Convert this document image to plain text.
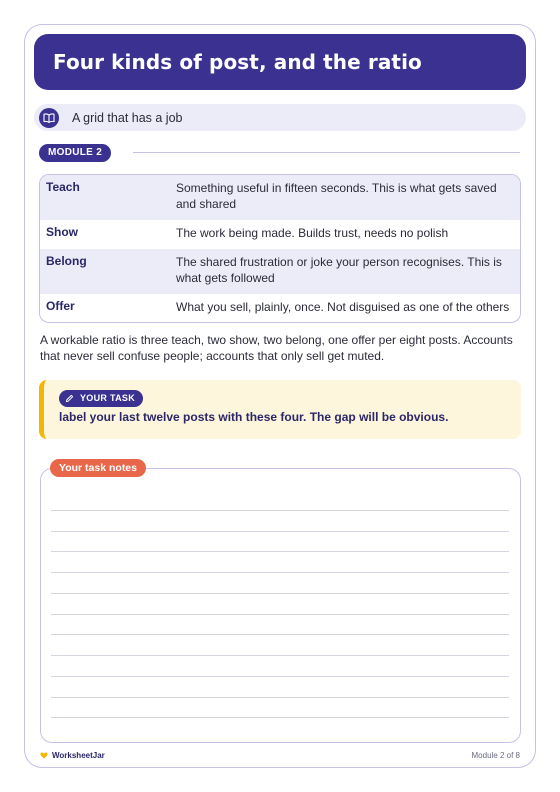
Four kinds of post, and the ratio
A grid that has a job
MODULE 2
Teach	Something useful in fifteen seconds. This is what gets saved and shared
Show	The work being made. Builds trust, needs no polish
Belong	The shared frustration or joke your person recognises. This is what gets followed
Offer	What you sell, plainly, once. Not disguised as one of the others

A workable ratio is three teach, two show, two belong, one offer per eight posts. Accounts that never sell confuse people; accounts that only sell get muted.

YOUR TASK
label your last twelve posts with these four. The gap will be obvious.
Your task notes
WorksheetJar	Module 2 of 8
